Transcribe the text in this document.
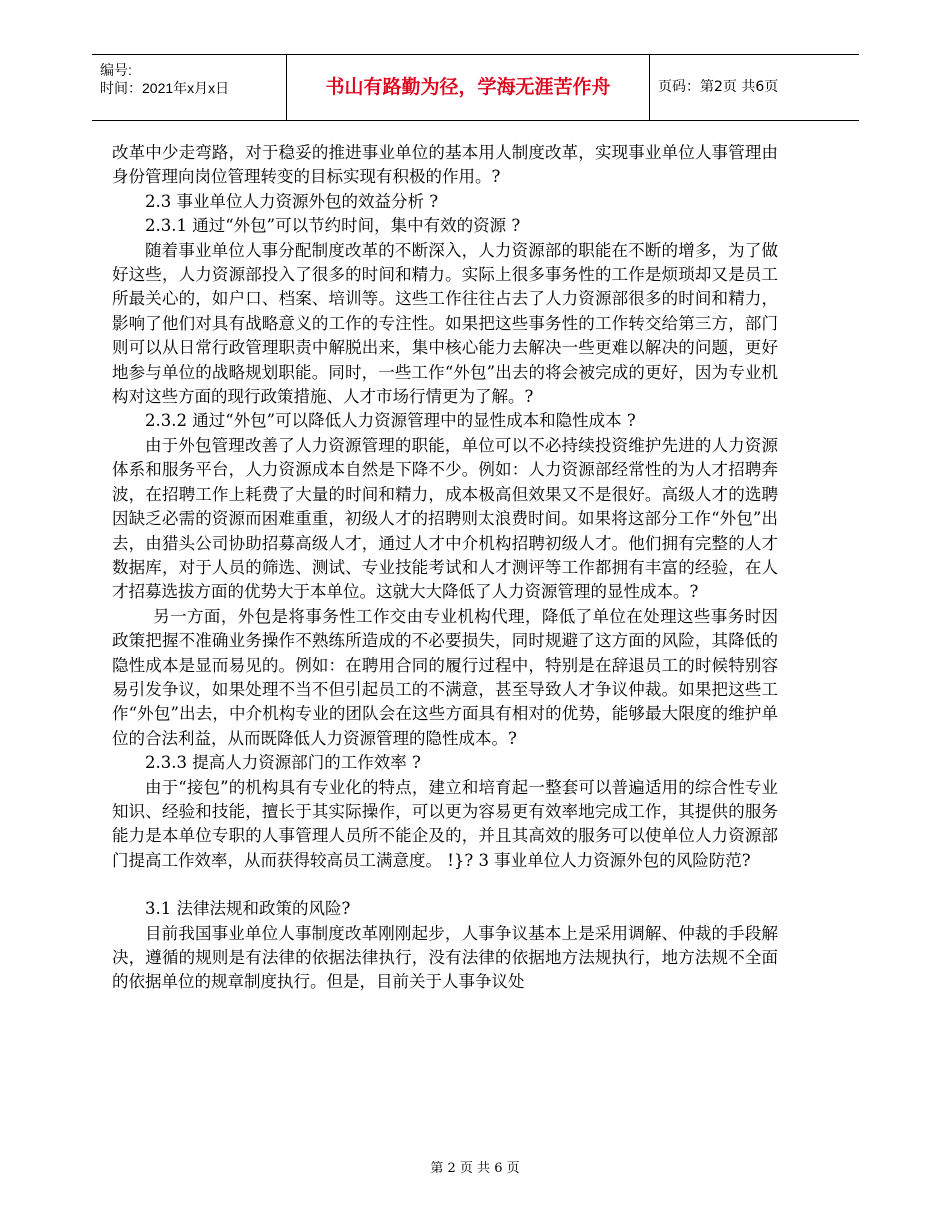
编号:
时间：2021年x月x日	书山有路勤为径，学海无涯苦作舟	页码：第2页 共6页

改革中少走弯路，对于稳妥的推进事业单位的基本用人制度改革，实现事业单位人事管理由身份管理向岗位管理转变的目标实现有积极的作用。?

2.3 事业单位人力资源外包的效益分析 ?
2.3.1 通过“外包”可以节约时间，集中有效的资源 ?

随着事业单位人事分配制度改革的不断深入，人力资源部的职能在不断的增多，为了做好这些，人力资源部投入了很多的时间和精力。实际上很多事务性的工作是烦琐却又是员工所最关心的，如户口、档案、培训等。这些工作往往占去了人力资源部很多的时间和精力，影响了他们对具有战略意义的工作的专注性。如果把这些事务性的工作转交给第三方，部门则可以从日常行政管理职责中解脱出来，集中核心能力去解决一些更难以解决的问题，更好地参与单位的战略规划职能。同时，一些工作“外包”出去的将会被完成的更好，因为专业机构对这些方面的现行政策措施、人才市场行情更为了解。?

2.3.2 通过“外包”可以降低人力资源管理中的显性成本和隐性成本 ?

由于外包管理改善了人力资源管理的职能，单位可以不必持续投资维护先进的人力资源体系和服务平台，人力资源成本自然是下降不少。例如：人力资源部经常性的为人才招聘奔波，在招聘工作上耗费了大量的时间和精力，成本极高但效果又不是很好。高级人才的选聘因缺乏必需的资源而困难重重，初级人才的招聘则太浪费时间。如果将这部分工作“外包”出去，由猎头公司协助招募高级人才，通过人才中介机构招聘初级人才。他们拥有完整的人才数据库，对于人员的筛选、测试、专业技能考试和人才测评等工作都拥有丰富的经验，在人才招募选拔方面的优势大于本单位。这就大大降低了人力资源管理的显性成本。?

另一方面，外包是将事务性工作交由专业机构代理，降低了单位在处理这些事务时因政策把握不准确业务操作不熟练所造成的不必要损失，同时规避了这方面的风险，其降低的隐性成本是显而易见的。例如：在聘用合同的履行过程中，特别是在辞退员工的时候特别容易引发争议，如果处理不当不但引起员工的不满意，甚至导致人才争议仲裁。如果把这些工作“外包”出去，中介机构专业的团队会在这些方面具有相对的优势，能够最大限度的维护单位的合法利益，从而既降低人力资源管理的隐性成本。?

2.3.3 提高人力资源部门的工作效率 ?

由于“接包”的机构具有专业化的特点，建立和培育起一整套可以普遍适用的综合性专业知识、经验和技能，擅长于其实际操作，可以更为容易更有效率地完成工作，其提供的服务能力是本单位专职的人事管理人员所不能企及的，并且其高效的服务可以使单位人力资源部门提高工作效率，从而获得较高员工满意度。 !}? 3 事业单位人力资源外包的风险防范?

3.1 法律法规和政策的风险?

目前我国事业单位人事制度改革刚刚起步，人事争议基本上是采用调解、仲裁的手段解决，遵循的规则是有法律的依据法律执行，没有法律的依据地方法规执行，地方法规不全面的依据单位的规章制度执行。但是，目前关于人事争议处

第 2 页 共 6 页
